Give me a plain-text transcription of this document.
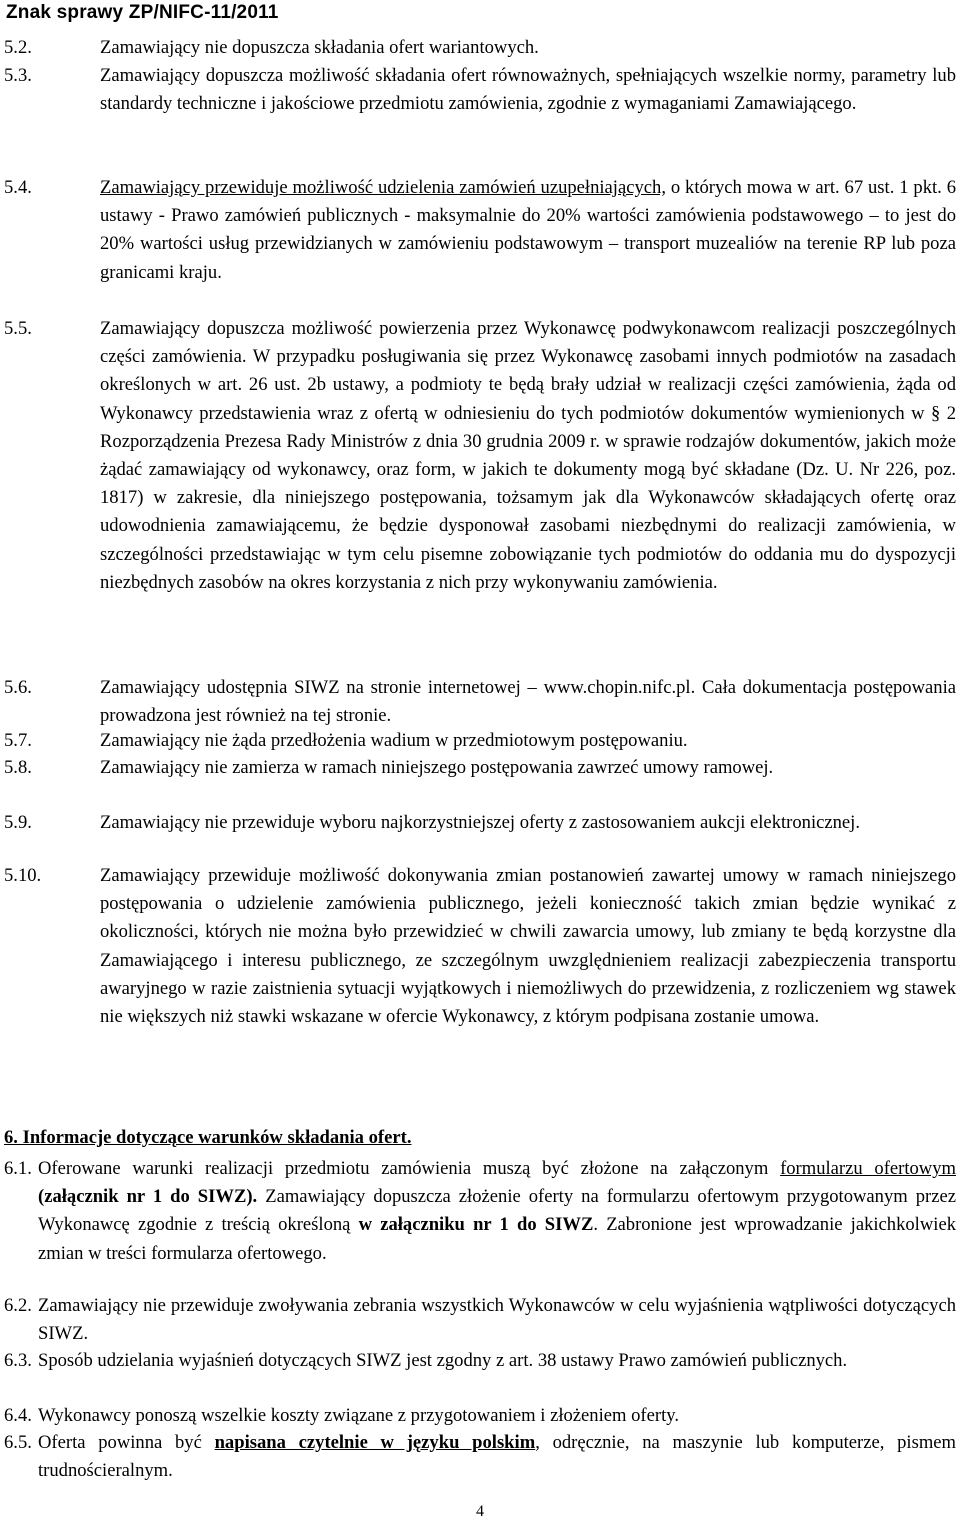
Znak sprawy ZP/NIFC-11/2011
5.2.	Zamawiający nie dopuszcza składania ofert wariantowych.
5.3.	Zamawiający dopuszcza możliwość składania ofert równoważnych, spełniających wszelkie normy, parametry lub standardy techniczne i jakościowe przedmiotu zamówienia, zgodnie z wymaganiami Zamawiającego.
5.4.	Zamawiający przewiduje możliwość udzielenia zamówień uzupełniających, o których mowa w art. 67 ust. 1 pkt. 6 ustawy - Prawo zamówień publicznych - maksymalnie do 20% wartości zamówienia podstawowego – to jest do 20% wartości usług przewidzianych w zamówieniu podstawowym – transport muzealiów na terenie RP lub poza granicami kraju.
5.5.	Zamawiający dopuszcza możliwość powierzenia przez Wykonawcę podwykonawcom realizacji poszczególnych części zamówienia. W przypadku posługiwania się przez Wykonawcę zasobami innych podmiotów na zasadach określonych w art. 26 ust. 2b ustawy, a podmioty te będą brały udział w realizacji części zamówienia, żąda od Wykonawcy przedstawienia wraz z ofertą w odniesieniu do tych podmiotów dokumentów wymienionych w § 2 Rozporządzenia Prezesa Rady Ministrów z dnia 30 grudnia 2009 r. w sprawie rodzajów dokumentów, jakich może żądać zamawiający od wykonawcy, oraz form, w jakich te dokumenty mogą być składane (Dz. U. Nr 226, poz. 1817) w zakresie, dla niniejszego postępowania, tożsamym jak dla Wykonawców składających ofertę oraz udowodnienia zamawiającemu, że będzie dysponował zasobami niezbędnymi do realizacji zamówienia, w szczególności przedstawiając w tym celu pisemne zobowiązanie tych podmiotów do oddania mu do dyspozycji niezbędnych zasobów na okres korzystania z nich przy wykonywaniu zamówienia.
5.6.	Zamawiający udostępnia SIWZ na stronie internetowej – www.chopin.nifc.pl. Cała dokumentacja postępowania prowadzona jest również na tej stronie.
5.7.	Zamawiający nie żąda przedłożenia wadium w przedmiotowym postępowaniu.
5.8.	Zamawiający nie zamierza w ramach niniejszego postępowania zawrzeć umowy ramowej.
5.9.	Zamawiający nie przewiduje wyboru najkorzystniejszej oferty z zastosowaniem aukcji elektronicznej.
5.10.	Zamawiający przewiduje możliwość dokonywania zmian postanowień zawartej umowy w ramach niniejszego postępowania o udzielenie zamówienia publicznego, jeżeli konieczność takich zmian będzie wynikać z okoliczności, których nie można było przewidzieć w chwili zawarcia umowy, lub zmiany te będą korzystne dla Zamawiającego i interesu publicznego, ze szczególnym uwzględnieniem realizacji zabezpieczenia transportu awaryjnego w razie zaistnienia sytuacji wyjątkowych i niemożliwych do przewidzenia, z rozliczeniem wg stawek nie większych niż stawki wskazane w ofercie Wykonawcy, z którym podpisana zostanie umowa.
6. Informacje dotyczące warunków składania ofert.
6.1. Oferowane warunki realizacji przedmiotu zamówienia muszą być złożone na załączonym formularzu ofertowym (załącznik nr 1 do SIWZ). Zamawiający dopuszcza złożenie oferty na formularzu ofertowym przygotowanym przez Wykonawcę zgodnie z treścią określoną w załączniku nr 1 do SIWZ. Zabronione jest wprowadzanie jakichkolwiek zmian w treści formularza ofertowego.
6.2. Zamawiający nie przewiduje zwoływania zebrania wszystkich Wykonawców w celu wyjaśnienia wątpliwości dotyczących SIWZ.
6.3. Sposób udzielania wyjaśnień dotyczących SIWZ jest zgodny z art. 38 ustawy Prawo zamówień publicznych.
6.4. Wykonawcy ponoszą wszelkie koszty związane z przygotowaniem i złożeniem oferty.
6.5. Oferta powinna być napisana czytelnie w języku polskim, odręcznie, na maszynie lub komputerze, pismem trudnościeralnym.
4
